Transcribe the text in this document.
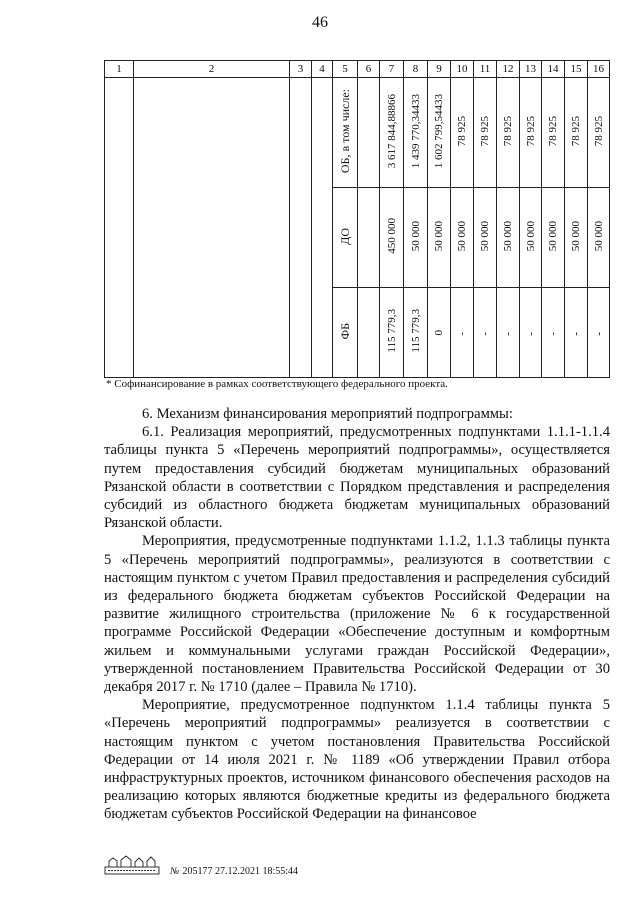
46
1	2	3	4	5	6	7	8	9	10	11	12	13	14	15	16
				ОБ, в том числе:		3 617 844,88866	1 439 770,34433	1 602 799,54433	78 925	78 925	78 925	78 925	78 925	78 925	78 925
				ДО		450 000	50 000	50 000	50 000	50 000	50 000	50 000	50 000	50 000	50 000
				ФБ		115 779,3	115 779,3	0	-	-	-	-	-	-	-
* Софинансирование в рамках соответствующего федерального проекта.

6. Механизм финансирования мероприятий подпрограммы:

6.1. Реализация мероприятий, предусмотренных подпунктами 1.1.1-1.1.4 таблицы пункта 5 «Перечень мероприятий подпрограммы», осуществляется путем предоставления субсидий бюджетам муниципальных образований Рязанской области в соответствии с Порядком представления и распределения субсидий из областного бюджета бюджетам муниципальных образований Рязанской области.

Мероприятия, предусмотренные подпунктами 1.1.2, 1.1.3 таблицы пункта 5 «Перечень мероприятий подпрограммы», реализуются в соответствии с настоящим пунктом с учетом Правил предоставления и распределения субсидий из федерального бюджета бюджетам субъектов Российской Федерации на развитие жилищного строительства (приложение № 6 к государственной программе Российской Федерации «Обеспечение доступным и комфортным жильем и коммунальными услугами граждан Российской Федерации», утвержденной постановлением Правительства Российской Федерации от 30 декабря 2017 г. № 1710 (далее – Правила № 1710).

Мероприятие, предусмотренное подпунктом 1.1.4 таблицы пункта 5 «Перечень мероприятий подпрограммы» реализуется в соответствии с настоящим пунктом с учетом постановления Правительства Российской Федерации от 14 июля 2021 г. № 1189 «Об утверждении Правил отбора инфраструктурных проектов, источником финансового обеспечения расходов на реализацию которых являются бюджетные кредиты из федерального бюджета бюджетам субъектов Российской Федерации на финансовое

№ 205177 27.12.2021 18:55:44
